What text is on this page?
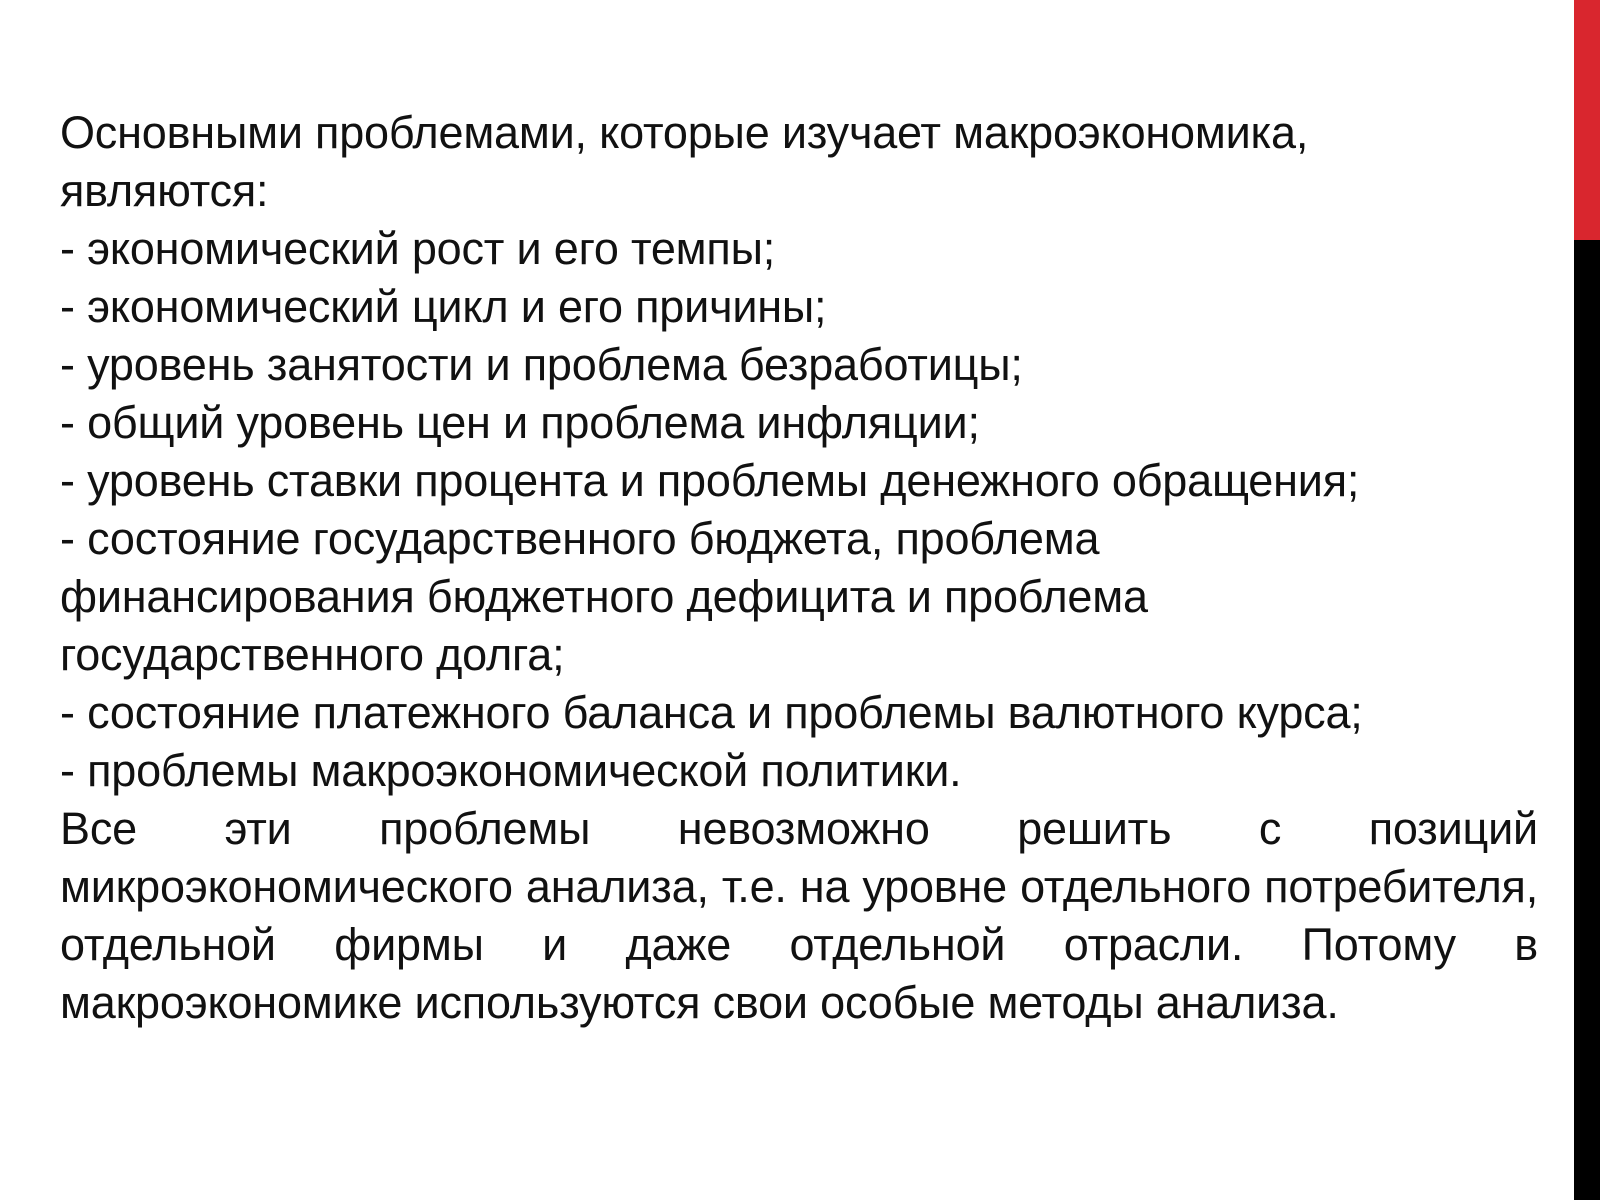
Основными проблемами, которые изучает макроэкономика,
являются:
- экономический рост и его темпы;
- экономический цикл и его причины;
- уровень занятости и проблема безработицы;
- общий уровень цен и проблема инфляции;
- уровень ставки процента и проблемы денежного обращения;
- состояние государственного бюджета, проблема
финансирования бюджетного дефицита и проблема
государственного долга;
- состояние платежного баланса и проблемы валютного курса;
- проблемы макроэкономической политики.
Все эти проблемы невозможно решить с позиций микроэкономического анализа, т.е. на уровне отдельного потребителя, отдельной фирмы и даже отдельной отрасли. Потому в макроэкономике используются свои особые методы анализа.
